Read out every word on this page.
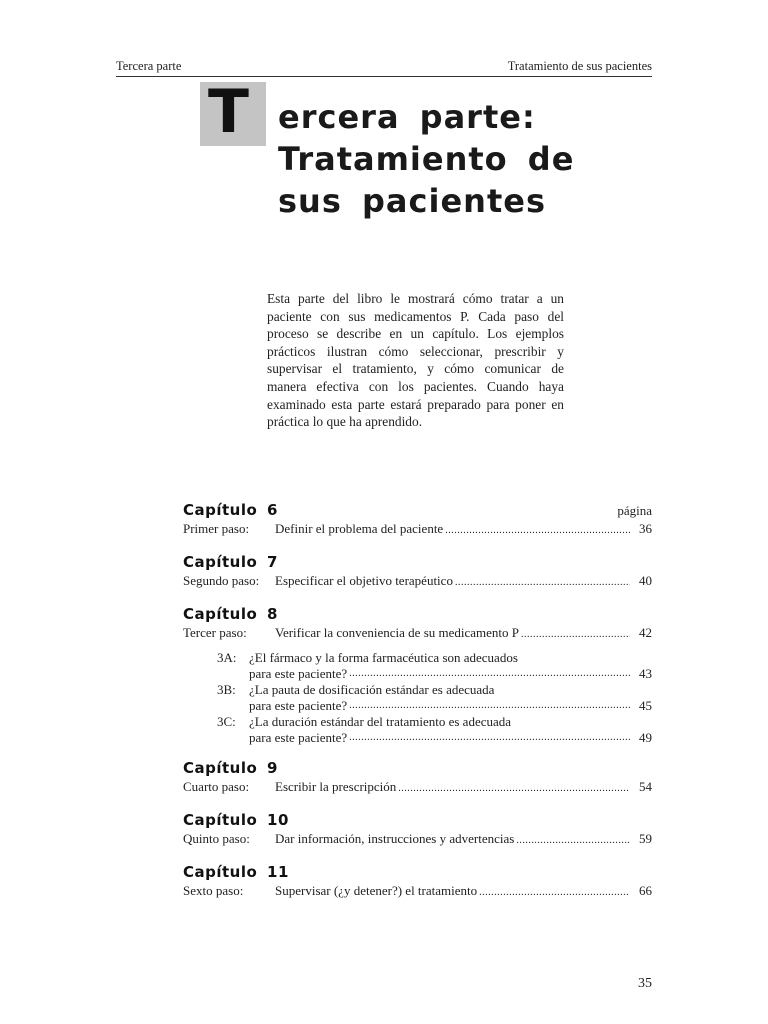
Tercera parte	Tratamiento de sus pacientes
T ercera parte:
Tratamiento de
sus pacientes

Esta parte del libro le mostrará cómo tratar a un paciente con sus medicamentos P. Cada paso del proceso se describe en un capítulo. Los ejemplos prácticos ilustran cómo seleccionar, prescribir y supervisar el tratamiento, y cómo comunicar de manera efectiva con los pacientes. Cuando haya examinado esta parte estará preparado para poner en práctica lo que ha aprendido.

Capítulo 6	página
Primer paso:	Definir el problema del paciente .....	36
Capítulo 7
Segundo paso:	Especificar el objetivo terapéutico .....	40
Capítulo 8
Tercer paso:	Verificar la conveniencia de su medicamento P .....	42
3A: ¿El fármaco y la forma farmacéutica son adecuados
para este paciente? .....	43
3B:	¿La pauta de dosificación estándar es adecuada
para este paciente? .....	45
3C:	¿La duración estándar del tratamiento es adecuada
para este paciente? .....	49
Capítulo 9
Cuarto paso:	Escribir la prescripción .....	54
Capítulo 10
Quinto paso:	Dar información, instrucciones y advertencias .....	59
Capítulo 11
Sexto paso:	Supervisar (¿y detener?) el tratamiento .....	66
35
